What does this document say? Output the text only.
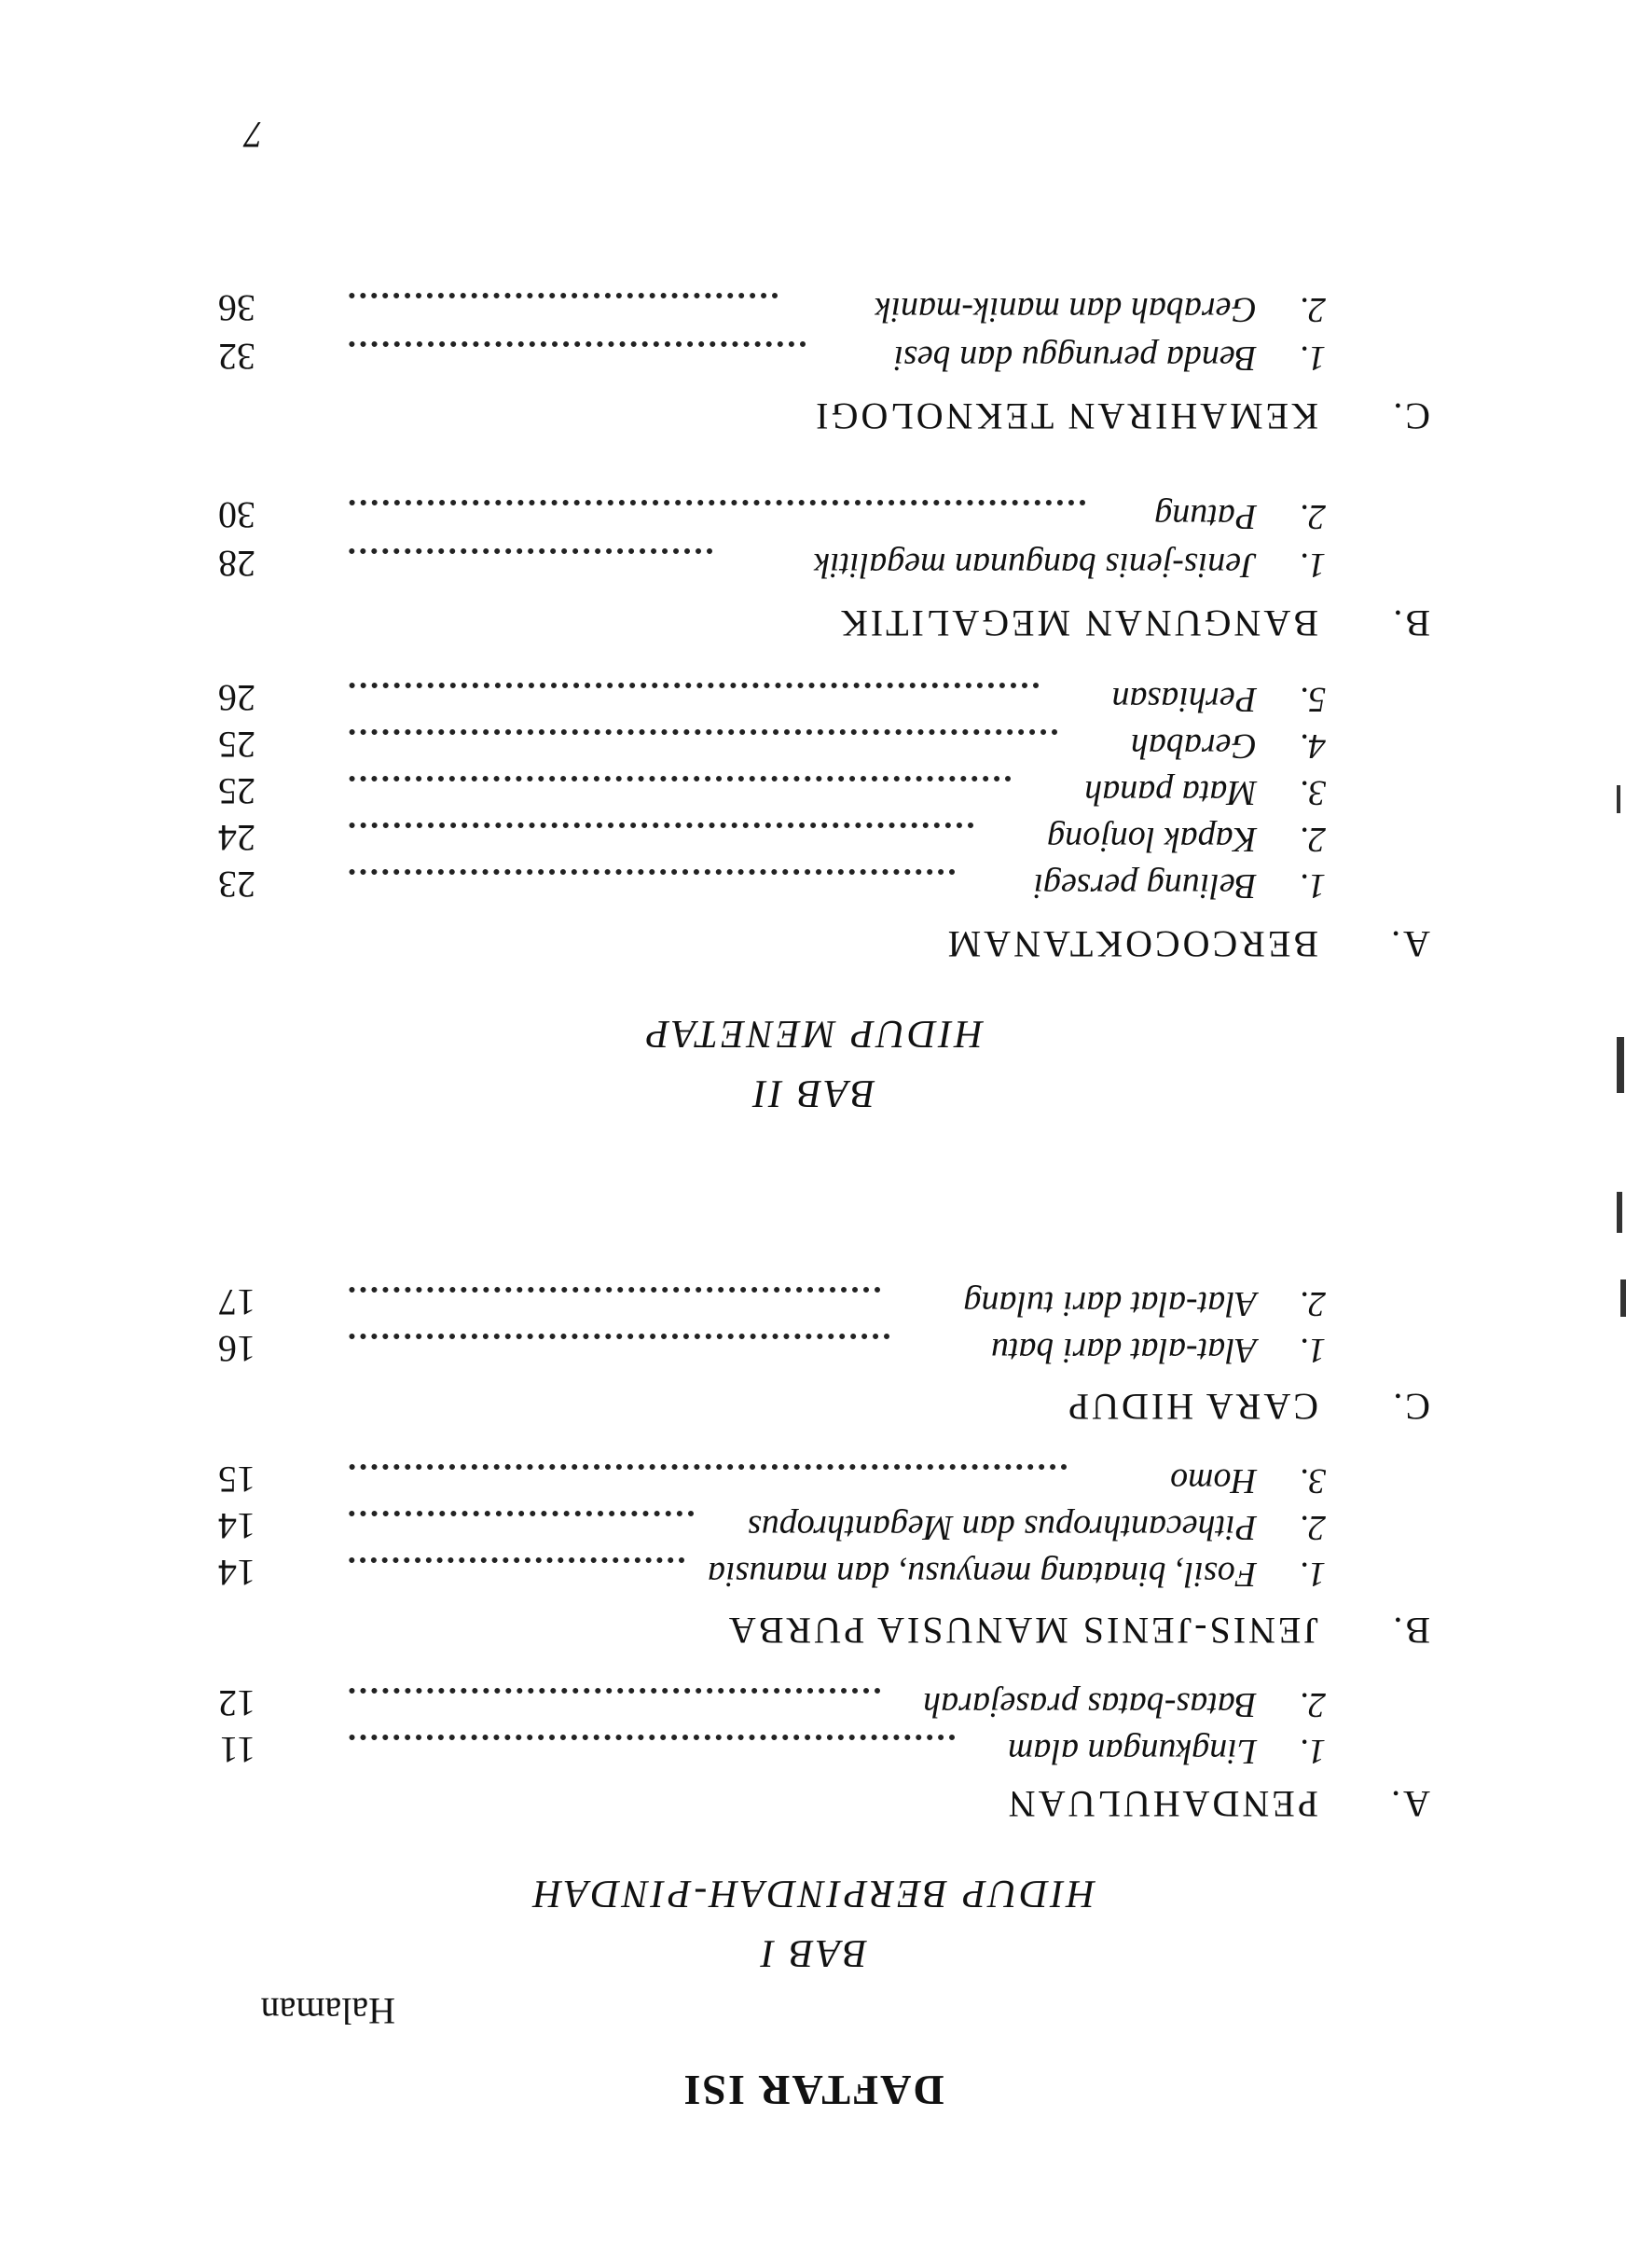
DAFTAR ISI
Halaman
BAB I
HIDUP BERPINDAH-PINDAH
A.PENDAHULUAN
1.Lingkungan alam
11
2.Batas-batas prasejarah
12
B.JENIS-JENIS MANUSIA PURBA
1.Fosil, binatang menyusu, dan manusia
14
2.Pithecanthropus dan Meganthropus
14
3.Homo
15
C.CARA HIDUP
1.Alat-alat dari batu
16
2.Alat-alat dari tulang
17
BAB II
HIDUP MENETAP
A.BERCOCOKTANAM
1.Beliung persegi
23
2.Kapak lonjong
24
3.Mata panah
25
4.Gerabah
25
5.Perhiasan
26
B.BANGUNAN MEGALITIK
1.Jenis-jenis bangunan megalitik
28
2.Patung
30
C.KEMAHIRAN TEKNOLOGI
1.Benda perunggu dan besi
32
2.Gerabah dan manik-manik
36
7
